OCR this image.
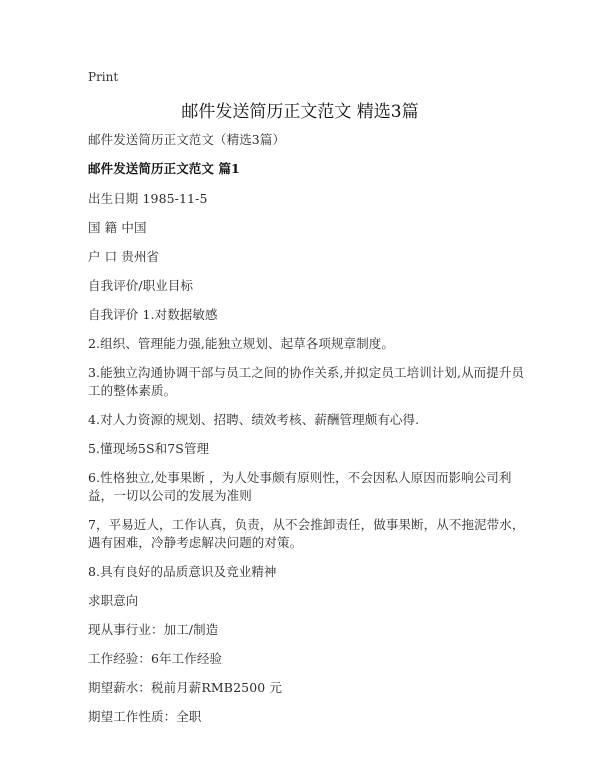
Print
邮件发送简历正文范文 精选3篇

邮件发送简历正文范文（精选3篇）

邮件发送简历正文范文 篇1

出生日期 1985-11-5

国 籍 中国

户 口 贵州省

自我评价/职业目标

自我评价 1.对数据敏感

2.组织、管理能力强,能独立规划、起草各项规章制度。

3.能独立沟通协调干部与员工之间的协作关系,并拟定员工培训计划,从而提升员工的整体素质。

4.对人力资源的规划、招聘、绩效考核、薪酬管理颇有心得.

5.懂现场5S和7S管理

6.性格独立,处事果断 ，为人处事颇有原则性，不会因私人原因而影响公司利益，一切以公司的发展为准则

7，平易近人，工作认真，负责，从不会推卸责任，做事果断，从不拖泥带水，遇有困难，冷静考虑解决问题的对策。

8.具有良好的品质意识及竞业精神

求职意向

现从事行业：加工/制造

工作经验：6年工作经验

期望薪水：税前月薪RMB2500 元

期望工作性质：全职
